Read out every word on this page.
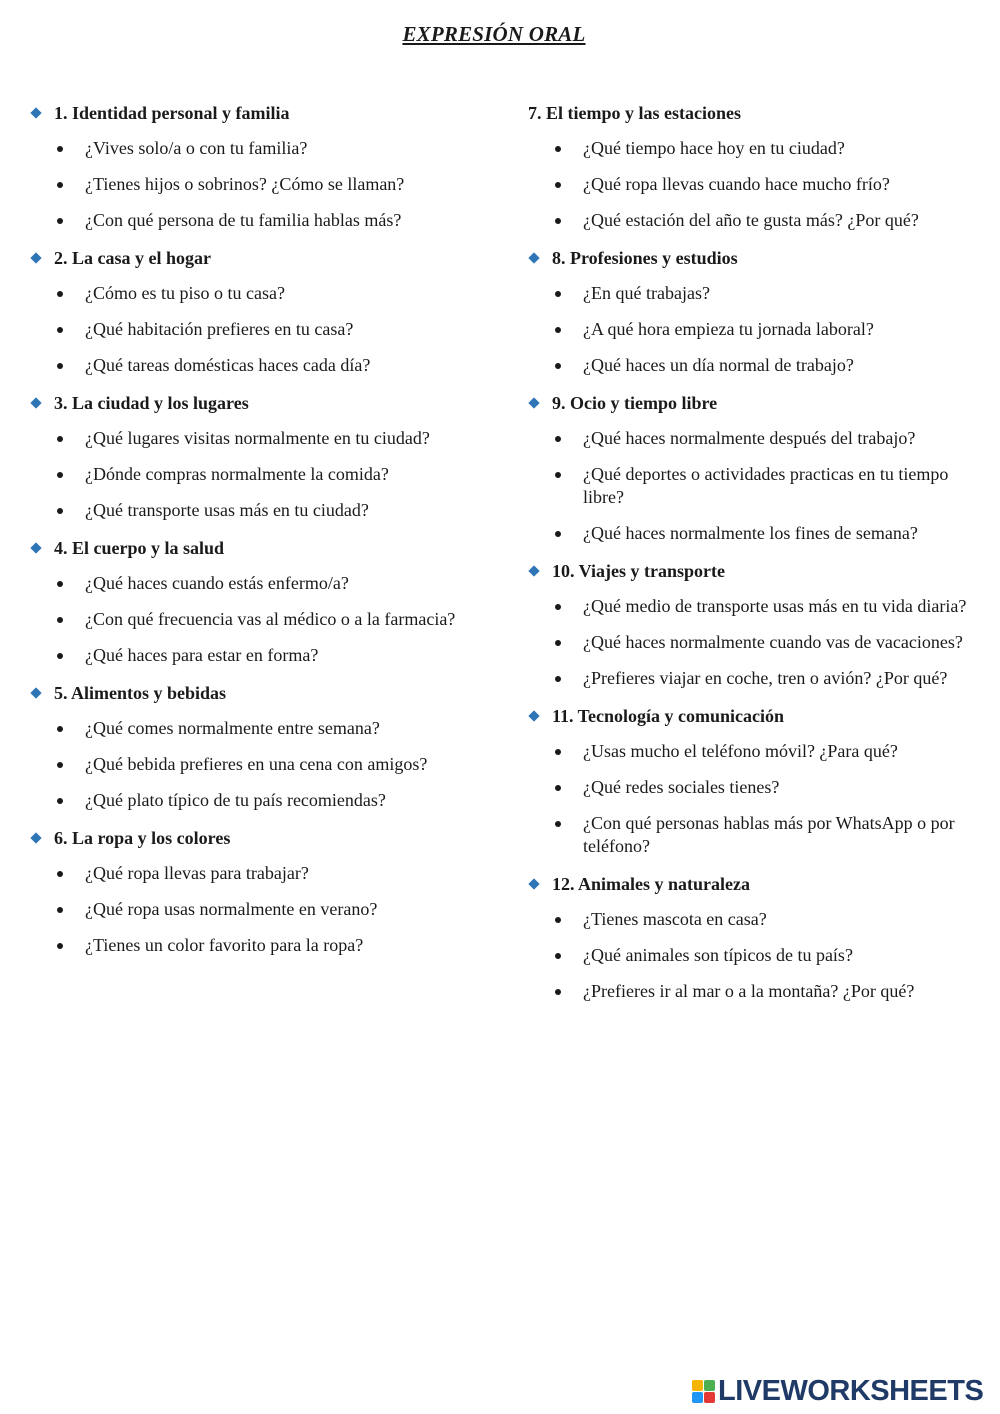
EXPRESIÓN ORAL
1. Identidad personal y familia
¿Vives solo/a o con tu familia?
¿Tienes hijos o sobrinos? ¿Cómo se llaman?
¿Con qué persona de tu familia hablas más?
2. La casa y el hogar
¿Cómo es tu piso o tu casa?
¿Qué habitación prefieres en tu casa?
¿Qué tareas domésticas haces cada día?
3. La ciudad y los lugares
¿Qué lugares visitas normalmente en tu ciudad?
¿Dónde compras normalmente la comida?
¿Qué transporte usas más en tu ciudad?
4. El cuerpo y la salud
¿Qué haces cuando estás enfermo/a?
¿Con qué frecuencia vas al médico o a la farmacia?
¿Qué haces para estar en forma?
5. Alimentos y bebidas
¿Qué comes normalmente entre semana?
¿Qué bebida prefieres en una cena con amigos?
¿Qué plato típico de tu país recomiendas?
6. La ropa y los colores
¿Qué ropa llevas para trabajar?
¿Qué ropa usas normalmente en verano?
¿Tienes un color favorito para la ropa?
7. El tiempo y las estaciones
¿Qué tiempo hace hoy en tu ciudad?
¿Qué ropa llevas cuando hace mucho frío?
¿Qué estación del año te gusta más? ¿Por qué?
8. Profesiones y estudios
¿En qué trabajas?
¿A qué hora empieza tu jornada laboral?
¿Qué haces un día normal de trabajo?
9. Ocio y tiempo libre
¿Qué haces normalmente después del trabajo?
¿Qué deportes o actividades practicas en tu tiempo libre?
¿Qué haces normalmente los fines de semana?
10. Viajes y transporte
¿Qué medio de transporte usas más en tu vida diaria?
¿Qué haces normalmente cuando vas de vacaciones?
¿Prefieres viajar en coche, tren o avión? ¿Por qué?
11. Tecnología y comunicación
¿Usas mucho el teléfono móvil? ¿Para qué?
¿Qué redes sociales tienes?
¿Con qué personas hablas más por WhatsApp o por teléfono?
12. Animales y naturaleza
¿Tienes mascota en casa?
¿Qué animales son típicos de tu país?
¿Prefieres ir al mar o a la montaña? ¿Por qué?
LIVEWORKSHEETS
